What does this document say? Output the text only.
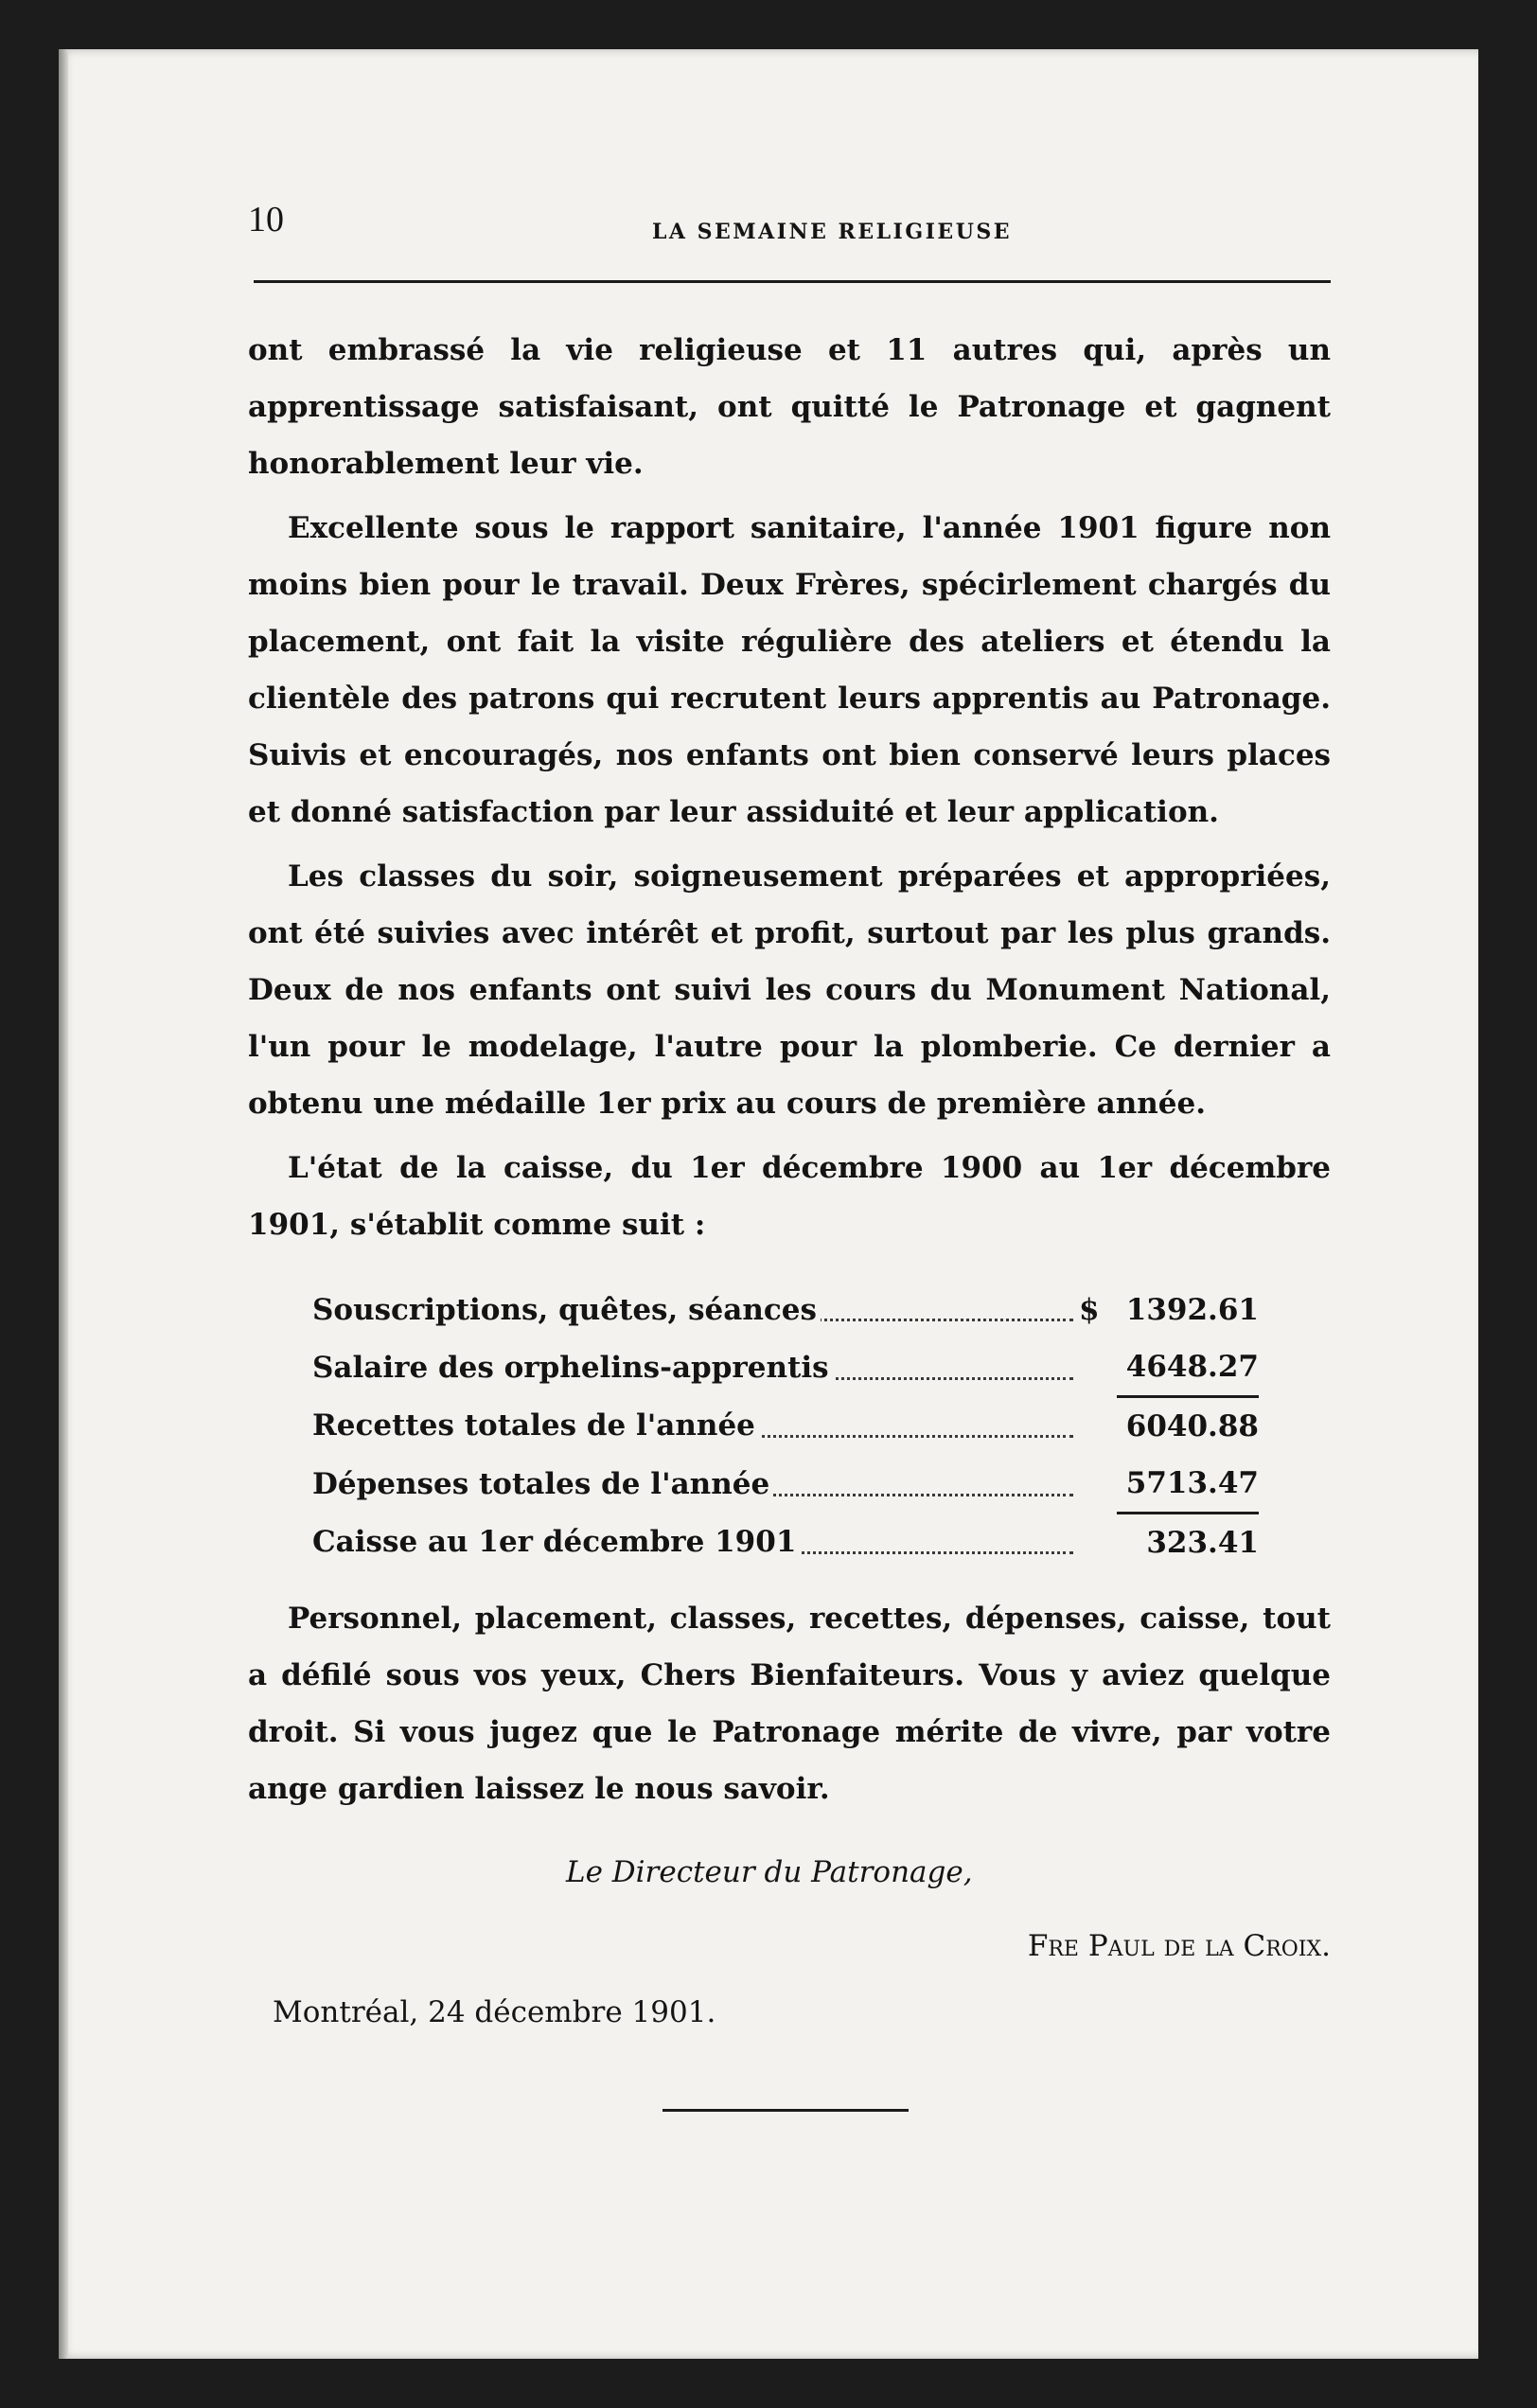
10	LA SEMAINE RELIGIEUSE

ont embrassé la vie religieuse et 11 autres qui, après un apprentissage satisfaisant, ont quitté le Patronage et gagnent honorablement leur vie.

Excellente sous le rapport sanitaire, l'année 1901 figure non moins bien pour le travail. Deux Frères, spécirlement chargés du placement, ont fait la visite régulière des ateliers et étendu la clientèle des patrons qui recrutent leurs apprentis au Patronage. Suivis et encouragés, nos enfants ont bien conservé leurs places et donné satisfaction par leur assiduité et leur application.

Les classes du soir, soigneusement préparées et appropriées, ont été suivies avec intérêt et profit, surtout par les plus grands. Deux de nos enfants ont suivi les cours du Monument National, l'un pour le modelage, l'autre pour la plomberie. Ce dernier a obtenu une médaille 1er prix au cours de première année.

L'état de la caisse, du 1er décembre 1900 au 1er décembre 1901, s'établit comme suit :

Souscriptions, quêtes, séances	$	1392.61
Salaire des orphelins-apprentis		4648.27
Recettes totales de l'année		6040.88
Dépenses totales de l'année		5713.47
Caisse au 1er décembre 1901		323.41

Personnel, placement, classes, recettes, dépenses, caisse, tout a défilé sous vos yeux, Chers Bienfaiteurs. Vous y aviez quelque droit. Si vous jugez que le Patronage mérite de vivre, par votre ange gardien laissez le nous savoir.

Le Directeur du Patronage,
Fre Paul de la Croix.
Montréal, 24 décembre 1901.
